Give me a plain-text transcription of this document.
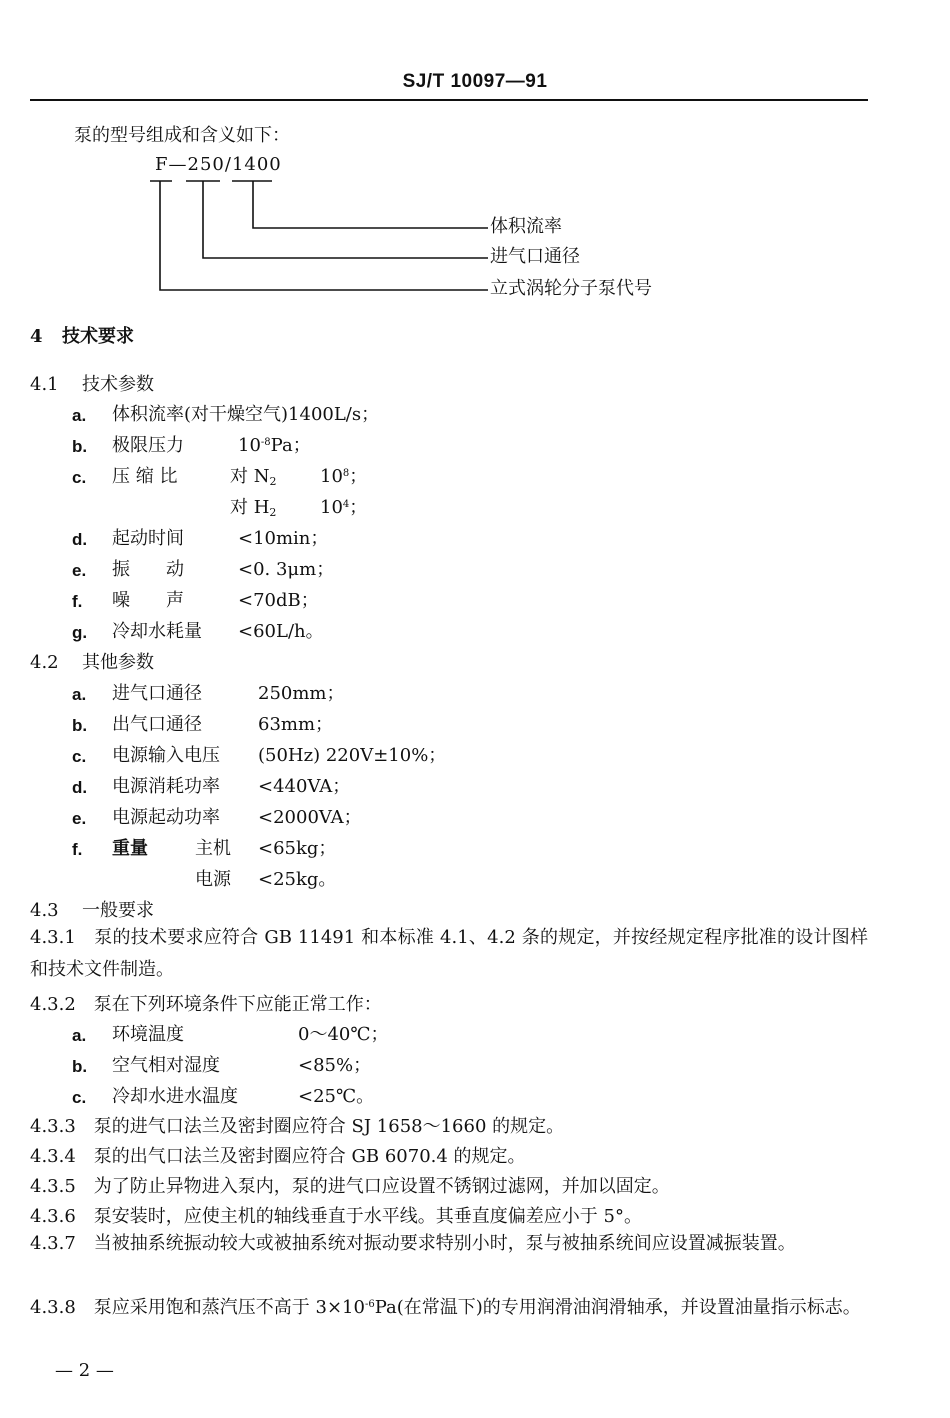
SJ/T 10097—91
泵的型号组成和含义如下：
F—250/1400
体积流率
进气口通径
立式涡轮分子泵代号
4 技术要求
4.1 技术参数
a. 体积流率(对干燥空气)1400L/s；
b. 极限压力	$10^{-8}Pa$；
c. 压 缩 比	对 $N_2$ $10^8$；
对 $H_2$ $10^4$；
d. 起动时间	<10min；
e. 振　　动	<0. 3μm；
f. 噪　　声	<70dB；
g. 冷却水耗量 <60L/h。
4.2 其他参数
a. 进气口通径	250mm；
b. 出气口通径	63mm；
c. 电源输入电压 (50Hz) 220V±10%；
d. 电源消耗功率 <440VA；
e. 电源起动功率 <2000VA；
f. 重量	主机 <65kg；
电源 <25kg。
4.3 一般要求
4.3.1　泵的技术要求应符合 GB 11491 和本标准 4.1、4.2 条的规定，并按经规定程序批准的设计图样和技术文件制造。
4.3.2　泵在下列环境条件下应能正常工作：
a. 环境温度	0～40℃；
b. 空气相对湿度	<85%；
c. 冷却水进水温度	<25℃。
4.3.3　泵的进气口法兰及密封圈应符合 SJ 1658～1660 的规定。
4.3.4　泵的出气口法兰及密封圈应符合 GB 6070.4 的规定。
4.3.5　为了防止异物进入泵内，泵的进气口应设置不锈钢过滤网，并加以固定。
4.3.6　泵安装时，应使主机的轴线垂直于水平线。其垂直度偏差应小于 5°。
4.3.7　当被抽系统振动较大或被抽系统对振动要求特别小时，泵与被抽系统间应设置减振装置。
4.3.8　泵应采用饱和蒸汽压不高于 $3\times 10^{-6}Pa$(在常温下)的专用润滑油润滑轴承，并设置油量指示标志。
— 2 —
